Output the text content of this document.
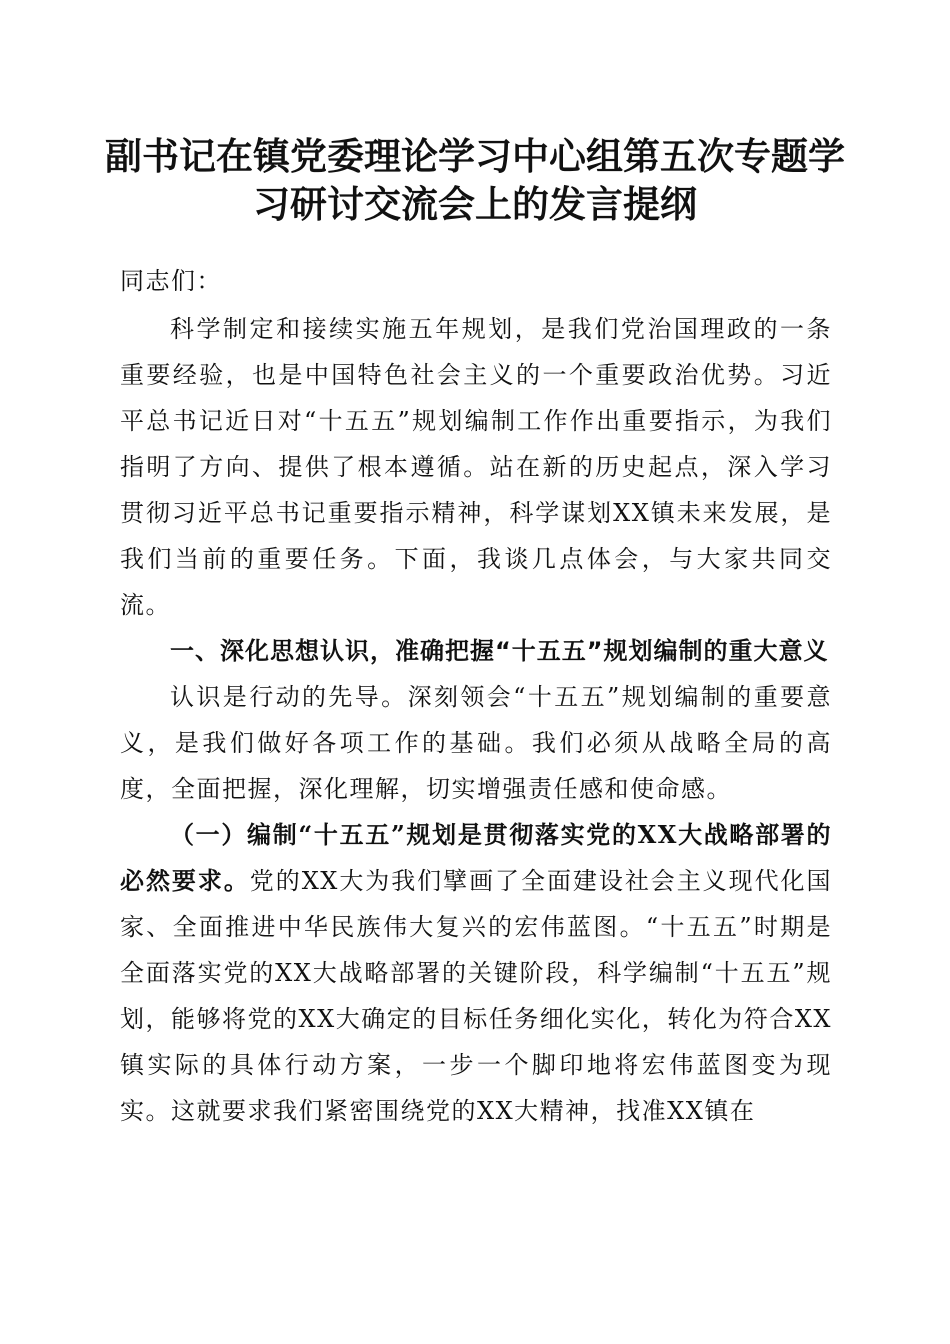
副书记在镇党委理论学习中心组第五次专题学习研讨交流会上的发言提纲

同志们：

科学制定和接续实施五年规划，是我们党治国理政的一条重要经验，也是中国特色社会主义的一个重要政治优势。习近平总书记近日对“十五五”规划编制工作作出重要指示，为我们指明了方向、提供了根本遵循。站在新的历史起点，深入学习贯彻习近平总书记重要指示精神，科学谋划XX镇未来发展，是我们当前的重要任务。下面，我谈几点体会，与大家共同交流。

一、深化思想认识，准确把握“十五五”规划编制的重大意义

认识是行动的先导。深刻领会“十五五”规划编制的重要意义，是我们做好各项工作的基础。我们必须从战略全局的高度，全面把握，深化理解，切实增强责任感和使命感。

（一）编制“十五五”规划是贯彻落实党的XX大战略部署的必然要求。党的XX大为我们擘画了全面建设社会主义现代化国家、全面推进中华民族伟大复兴的宏伟蓝图。“十五五”时期是全面落实党的XX大战略部署的关键阶段，科学编制“十五五”规划，能够将党的XX大确定的目标任务细化实化，转化为符合XX镇实际的具体行动方案，一步一个脚印地将宏伟蓝图变为现实。这就要求我们紧密围绕党的XX大精神，找准XX镇在
